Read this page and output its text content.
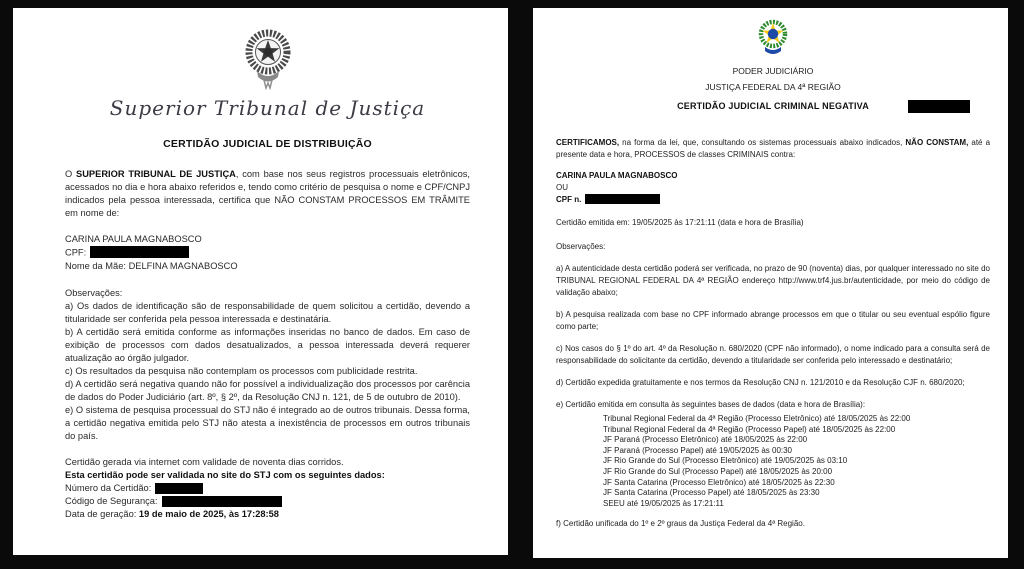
Superior Tribunal de Justiça
CERTIDÃO JUDICIAL DE DISTRIBUIÇÃO

O SUPERIOR TRIBUNAL DE JUSTIÇA, com base nos seus registros processuais eletrônicos, acessados no dia e hora abaixo referidos e, tendo como critério de pesquisa o nome e CPF/CNPJ indicados pela pessoa interessada, certifica que NÃO CONSTAM PROCESSOS EM TRÂMITE em nome de:

CARINA PAULA MAGNABOSCO
CPF:
Nome da Mãe: DELFINA MAGNABOSCO
Observações:

a) Os dados de identificação são de responsabilidade de quem solicitou a certidão, devendo a titularidade ser conferida pela pessoa interessada e destinatária.

b) A certidão será emitida conforme as informações inseridas no banco de dados. Em caso de exibição de processos com dados desatualizados, a pessoa interessada deverá requerer atualização ao órgão julgador.

c) Os resultados da pesquisa não contemplam os processos com publicidade restrita.

d) A certidão será negativa quando não for possível a individualização dos processos por carência de dados do Poder Judiciário (art. 8º, § 2º, da Resolução CNJ n. 121, de 5 de outubro de 2010).

e) O sistema de pesquisa processual do STJ não é integrado ao de outros tribunais. Dessa forma, a certidão negativa emitida pelo STJ não atesta a inexistência de processos em outros tribunais do país.

Certidão gerada via internet com validade de noventa dias corridos.
Esta certidão pode ser validada no site do STJ com os seguintes dados:
Número da Certidão:
Código de Segurança:
Data de geração: 19 de maio de 2025, às 17:28:58
PODER JUDICIÁRIO
JUSTIÇA FEDERAL DA 4ª REGIÃO
CERTIDÃO JUDICIAL CRIMINAL NEGATIVA

CERTIFICAMOS, na forma da lei, que, consultando os sistemas processuais abaixo indicados, NÃO CONSTAM, até a presente data e hora, PROCESSOS de classes CRIMINAIS contra:

CARINA PAULA MAGNABOSCO
OU
CPF n.
Certidão emitida em: 19/05/2025 às 17:21:11 (data e hora de Brasília)
Observações:

a) A autenticidade desta certidão poderá ser verificada, no prazo de 90 (noventa) dias, por qualquer interessado no site do TRIBUNAL REGIONAL FEDERAL DA 4ª REGIÃO endereço http://www.trf4.jus.br/autenticidade, por meio do código de validação abaixo;

b) A pesquisa realizada com base no CPF informado abrange processos em que o titular ou seu eventual espólio figure como parte;

c) Nos casos do § 1º do art. 4º da Resolução n. 680/2020 (CPF não informado), o nome indicado para a consulta será de responsabilidade do solicitante da certidão, devendo a titularidade ser conferida pelo interessado e destinatário;

d) Certidão expedida gratuitamente e nos termos da Resolução CNJ n. 121/2010 e da Resolução CJF n. 680/2020;

e) Certidão emitida em consulta às seguintes bases de dados (data e hora de Brasília):

Tribunal Regional Federal da 4ª Região (Processo Eletrônico) até 18/05/2025 às 22:00
Tribunal Regional Federal da 4ª Região (Processo Papel) até 18/05/2025 às 22:00
JF Paraná (Processo Eletrônico) até 18/05/2025 às 22:00
JF Paraná (Processo Papel) até 19/05/2025 às 00:30
JF Rio Grande do Sul (Processo Eletrônico) até 19/05/2025 às 03:10
JF Rio Grande do Sul (Processo Papel) até 18/05/2025 às 20:00
JF Santa Catarina (Processo Eletrônico) até 18/05/2025 às 22:30
JF Santa Catarina (Processo Papel) até 18/05/2025 às 23:30
SEEU até 19/05/2025 às 17:21:11

f) Certidão unificada do 1º e 2º graus da Justiça Federal da 4ª Região.
